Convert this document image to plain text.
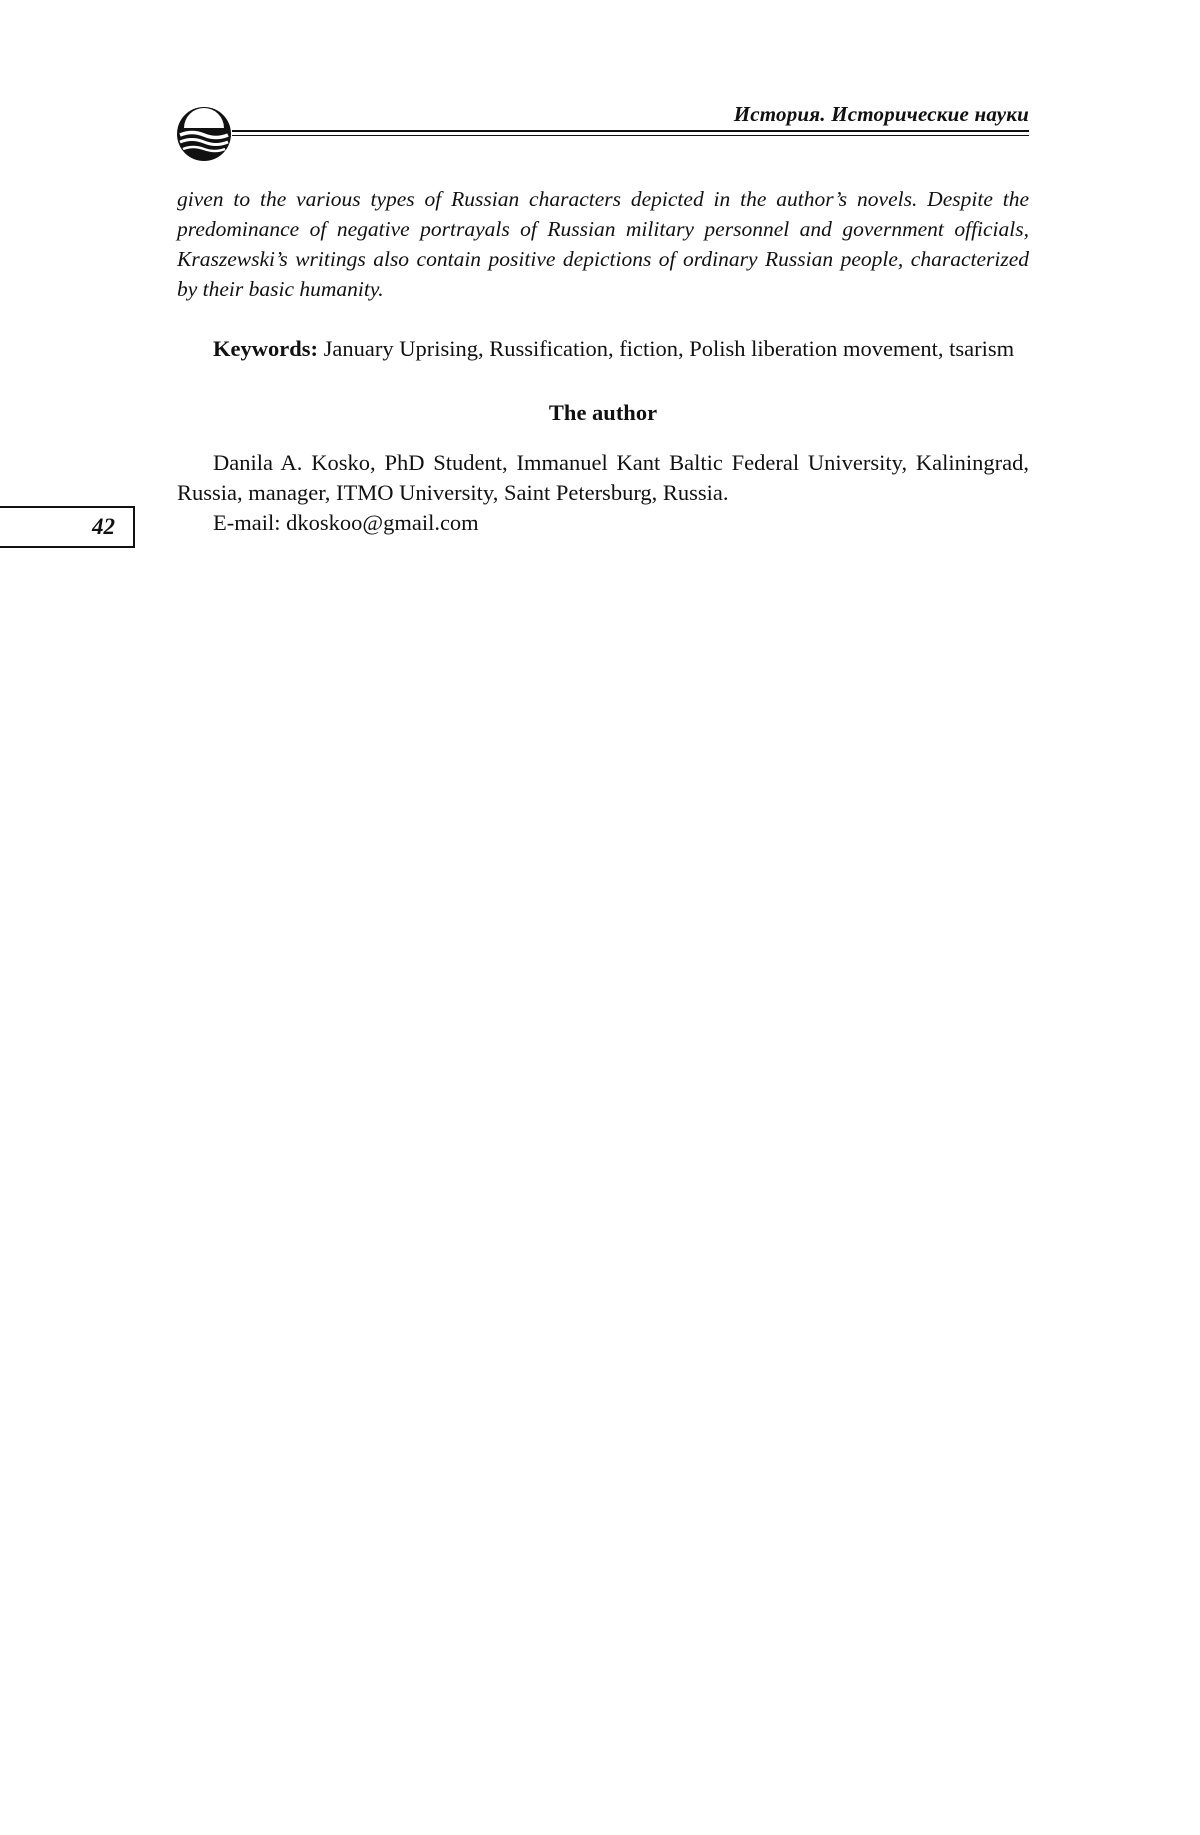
История. Исторические науки
42

given to the various types of Russian characters depicted in the author’s novels. Despite the predominance of negative portrayals of Russian military personnel and government officials, Kraszewski’s writings also contain positive depictions of ordinary Russian people, characterized by their basic humanity.

Keywords: January Uprising, Russification, fiction, Polish liberation movement, tsarism

The author

Danila A. Kosko, PhD Student, Immanuel Kant Baltic Federal University, Kaliningrad, Russia, manager, ITMO University, Saint Petersburg, Russia.

E-mail: dkoskoo@gmail.com
